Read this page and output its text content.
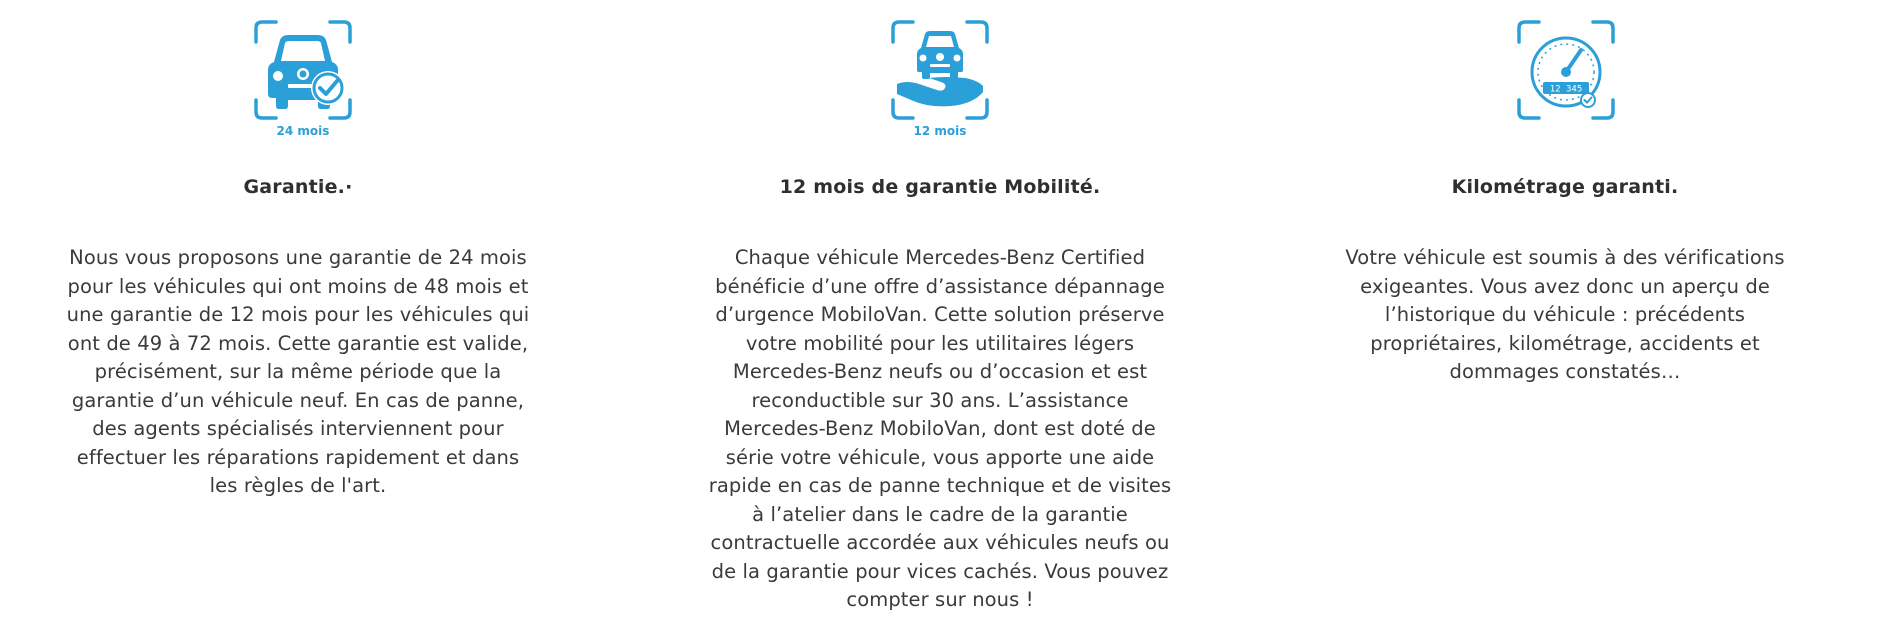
24 mois
Garantie.·

Nous vous proposons une garantie de 24 mois
pour les véhicules qui ont moins de 48 mois et
une garantie de 12 mois pour les véhicules qui
ont de 49 à 72 mois. Cette garantie est valide,
précisément, sur la même période que la
garantie d’un véhicule neuf. En cas de panne,
des agents spécialisés interviennent pour
effectuer les réparations rapidement et dans
les règles de l'art.

12 mois
12 mois de garantie Mobilité.

Chaque véhicule Mercedes-Benz Certified
bénéficie d’une offre d’assistance dépannage
d’urgence MobiloVan. Cette solution préserve
votre mobilité pour les utilitaires légers
Mercedes-Benz neufs ou d’occasion et est
reconductible sur 30 ans. L’assistance
Mercedes-Benz MobiloVan, dont est doté de
série votre véhicule, vous apporte une aide
rapide en cas de panne technique et de visites
à l’atelier dans le cadre de la garantie
contractuelle accordée aux véhicules neufs ou
de la garantie pour vices cachés. Vous pouvez
compter sur nous !

12 345
Kilométrage garanti.

Votre véhicule est soumis à des vérifications
exigeantes. Vous avez donc un aperçu de
l’historique du véhicule : précédents
propriétaires, kilométrage, accidents et
dommages constatés…
